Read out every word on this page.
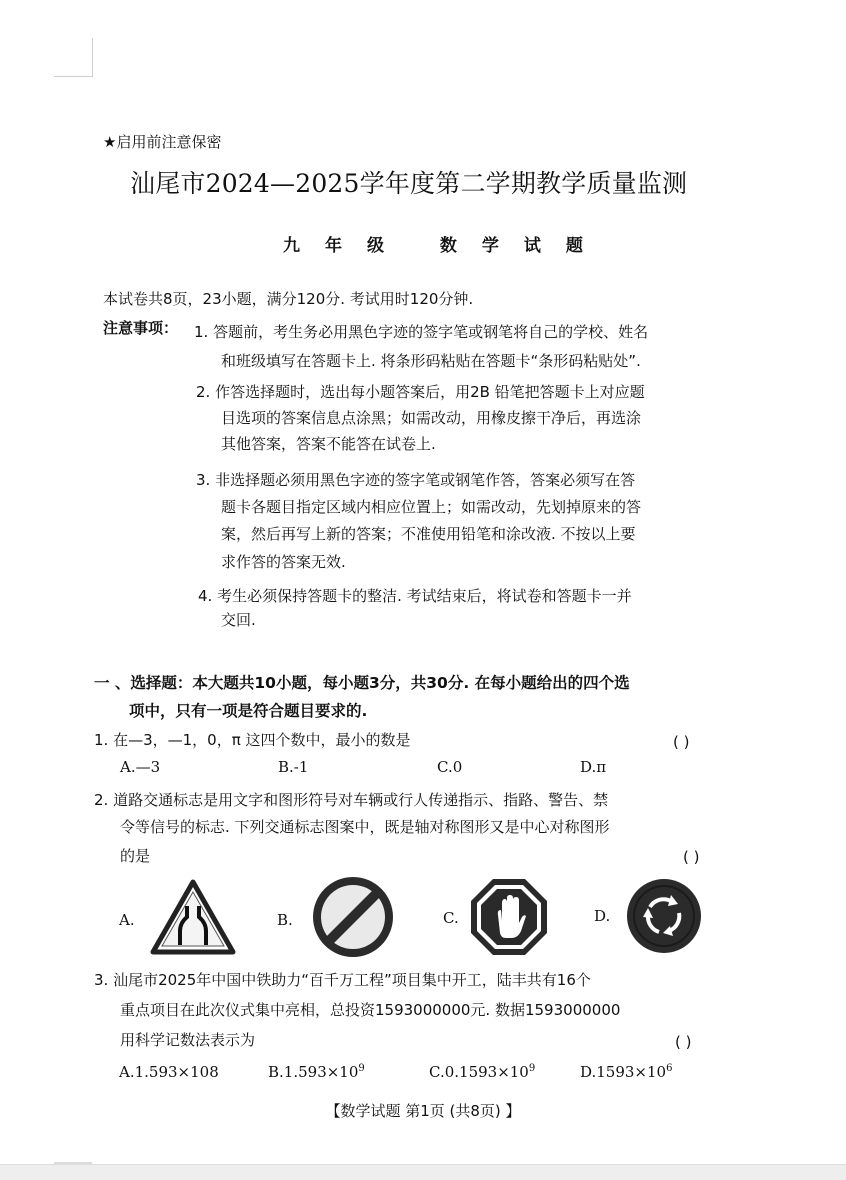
★启用前注意保密
汕尾市2024—2025学年度第二学期教学质量监测
九年级 数学试题
本试卷共8页，23小题，满分120分. 考试用时120分钟.
注意事项： 1. 答题前，考生务必用黑色字迹的签字笔或钢笔将自己的学校、姓名
和班级填写在答题卡上. 将条形码粘贴在答题卡“条形码粘贴处”.
2. 作答选择题时，选出每小题答案后，用2B 铅笔把答题卡上对应题
目选项的答案信息点涂黑；如需改动，用橡皮擦干净后，再选涂
其他答案，答案不能答在试卷上.
3. 非选择题必须用黑色字迹的签字笔或钢笔作答，答案必须写在答
题卡各题目指定区域内相应位置上；如需改动，先划掉原来的答
案，然后再写上新的答案；不准使用铅笔和涂改液. 不按以上要
求作答的答案无效.
4. 考生必须保持答题卡的整洁. 考试结束后，将试卷和答题卡一并
交回.
一 、选择题：本大题共10小题，每小题3分，共30分. 在每小题给出的四个选
项中，只有一项是符合题目要求的.
1. 在—3，—1，0，π 这四个数中，最小的数是	( )
A.—3	B.-1	C.0	D.π
2. 道路交通标志是用文字和图形符号对车辆或行人传递指示、指路、警告、禁
令等信号的标志. 下列交通标志图案中，既是轴对称图形又是中心对称图形
的是	( )
A.	B.	C.	D.
3. 汕尾市2025年中国中铁助力“百千万工程”项目集中开工，陆丰共有16个
重点项目在此次仪式集中亮相，总投资1593000000元. 数据1593000000
用科学记数法表示为	( )
A.1.593×108	$B.1.593\times 10^9$	$C.0.1593\times 10^9$	$D.1593\times 10^6$
【数学试题 第1页 (共8页) 】
